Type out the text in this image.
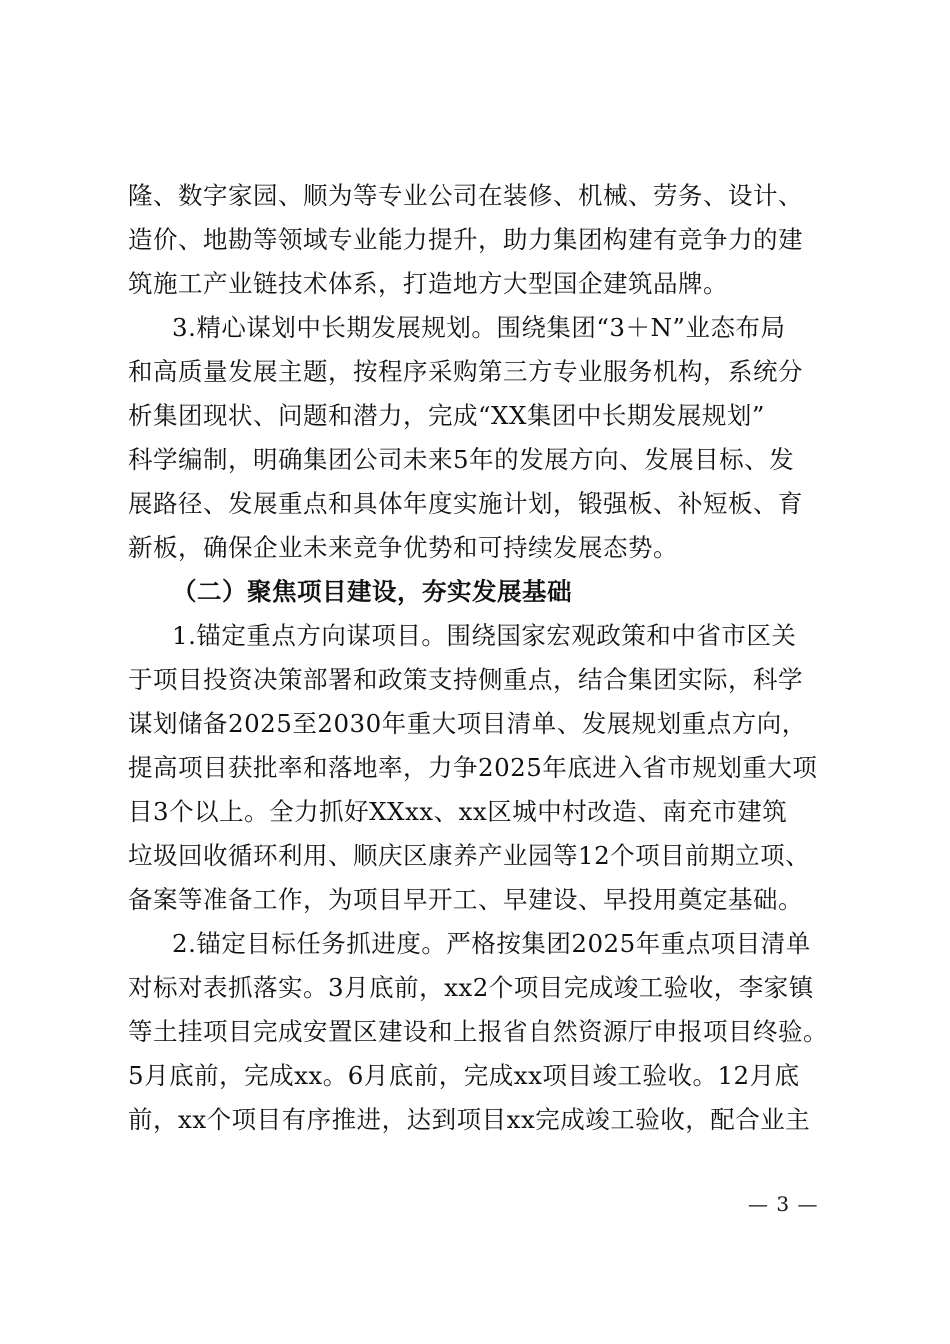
隆、数字家园、顺为等专业公司在装修、机械、劳务、设计、
造价、地勘等领域专业能力提升，助力集团构建有竞争力的建
筑施工产业链技术体系，打造地方大型国企建筑品牌。
3.精心谋划中长期发展规划。围绕集团“3＋N”业态布局
和高质量发展主题，按程序采购第三方专业服务机构，系统分
析集团现状、问题和潜力，完成“XX集团中长期发展规划”
科学编制，明确集团公司未来5年的发展方向、发展目标、发
展路径、发展重点和具体年度实施计划，锻强板、补短板、育
新板，确保企业未来竞争优势和可持续发展态势。
（二）聚焦项目建设，夯实发展基础
1.锚定重点方向谋项目。围绕国家宏观政策和中省市区关
于项目投资决策部署和政策支持侧重点，结合集团实际，科学
谋划储备2025至2030年重大项目清单、发展规划重点方向，
提高项目获批率和落地率，力争2025年底进入省市规划重大项
目3个以上。全力抓好XXxx、xx区城中村改造、南充市建筑
垃圾回收循环利用、顺庆区康养产业园等12个项目前期立项、
备案等准备工作，为项目早开工、早建设、早投用奠定基础。
2.锚定目标任务抓进度。严格按集团2025年重点项目清单
对标对表抓落实。3月底前，xx2个项目完成竣工验收，李家镇
等土挂项目完成安置区建设和上报省自然资源厅申报项目终验。
5月底前，完成xx。6月底前，完成xx项目竣工验收。12月底
前，xx个项目有序推进，达到项目xx完成竣工验收，配合业主
— 3 —
